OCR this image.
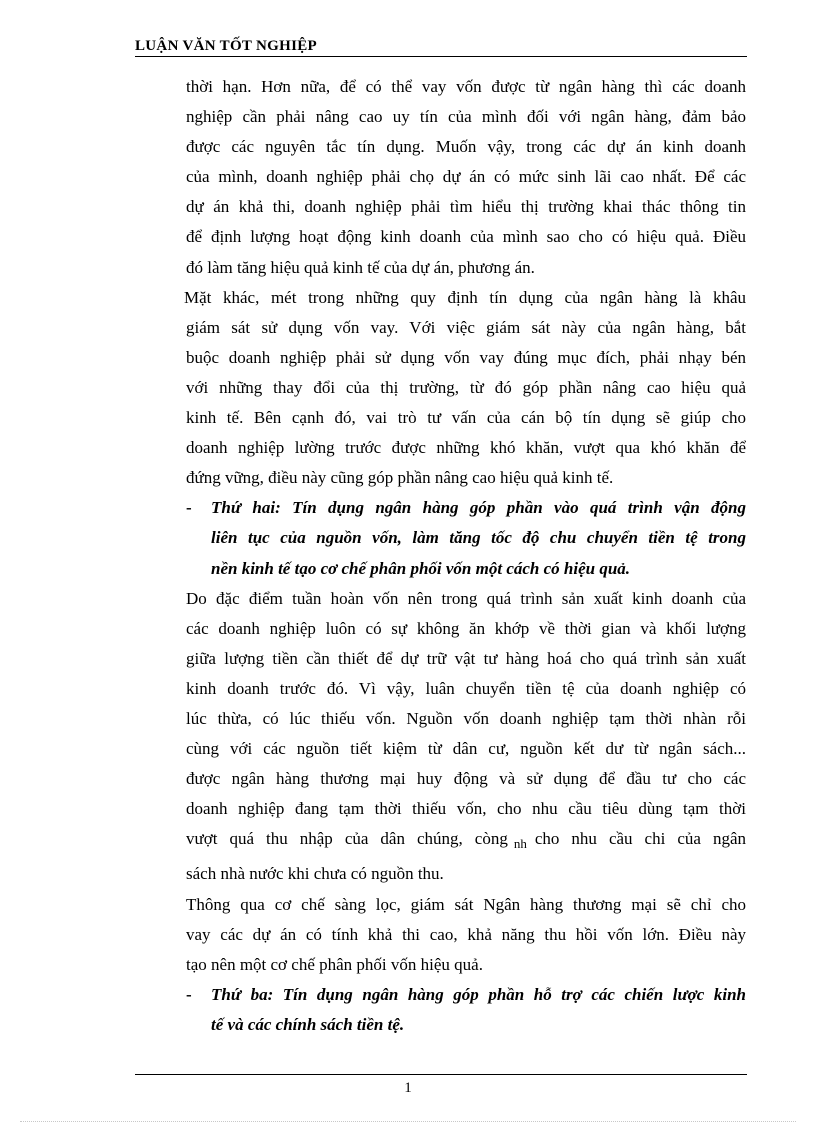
LUẬN VĂN TỐT NGHIỆP
thời hạn. Hơn nữa, để có thể vay vốn được từ ngân hàng thì các doanh
nghiệp cần phải nâng cao uy tín của mình đối với ngân hàng, đảm bảo
được các nguyên tắc tín dụng. Muốn vậy, trong các dự án kinh doanh
của mình, doanh nghiệp phải chọ dự án có mức sinh lãi cao nhất. Để các
dự án khả thi, doanh nghiệp phải tìm hiểu thị trường khai thác thông tin
để định lượng hoạt động kinh doanh của mình sao cho có hiệu quả. Điều
đó làm tăng hiệu quả kinh tế của dự án, phương án.
Mặt khác, mét trong những quy định tín dụng của ngân hàng là khâu
giám sát sử dụng vốn vay. Với việc giám sát này của ngân hàng, bắt
buộc doanh nghiệp phải sử dụng vốn vay đúng mục đích, phải nhạy bén
với những thay đổi của thị trường, từ đó góp phần nâng cao hiệu quả
kinh tế. Bên cạnh đó, vai trò tư vấn của cán bộ tín dụng sẽ giúp cho
doanh nghiệp lường trước được những khó khăn, vượt qua khó khăn để
đứng vững, điều này cũng góp phần nâng cao hiệu quả kinh tế.
- Thứ hai: Tín dụng ngân hàng góp phần vào quá trình vận động
liên tục của nguồn vốn, làm tăng tốc độ chu chuyển tiền tệ trong
nền kinh tế tạo cơ chế phân phối vốn một cách có hiệu quả.
Do đặc điểm tuần hoàn vốn nên trong quá trình sản xuất kinh doanh của
các doanh nghiệp luôn có sự không ăn khớp về thời gian và khối lượng
giữa lượng tiền cần thiết để dự trữ vật tư hàng hoá cho quá trình sản xuất
kinh doanh trước đó. Vì vậy, luân chuyển tiền tệ của doanh nghiệp có
lúc thừa, có lúc thiếu vốn. Nguồn vốn doanh nghiệp tạm thời nhàn rỗi
cùng với các nguồn tiết kiệm từ dân cư, nguồn kết dư từ ngân sách...
được ngân hàng thương mại huy động và sử dụng để đầu tư cho các
doanh nghiệp đang tạm thời thiếu vốn, cho nhu cầu tiêu dùng tạm thời
vượt quá thu nhập của dân chúng, còng $_{nh}$ cho nhu cầu chi của ngân
sách nhà nước khi chưa có nguồn thu.
Thông qua cơ chế sàng lọc, giám sát Ngân hàng thương mại sẽ chỉ cho
vay các dự án có tính khả thi cao, khả năng thu hồi vốn lớn. Điều này
tạo nên một cơ chế phân phối vốn hiệu quả.
- Thứ ba: Tín dụng ngân hàng góp phần hỗ trợ các chiến lược kinh
tế và các chính sách tiền tệ.
1
